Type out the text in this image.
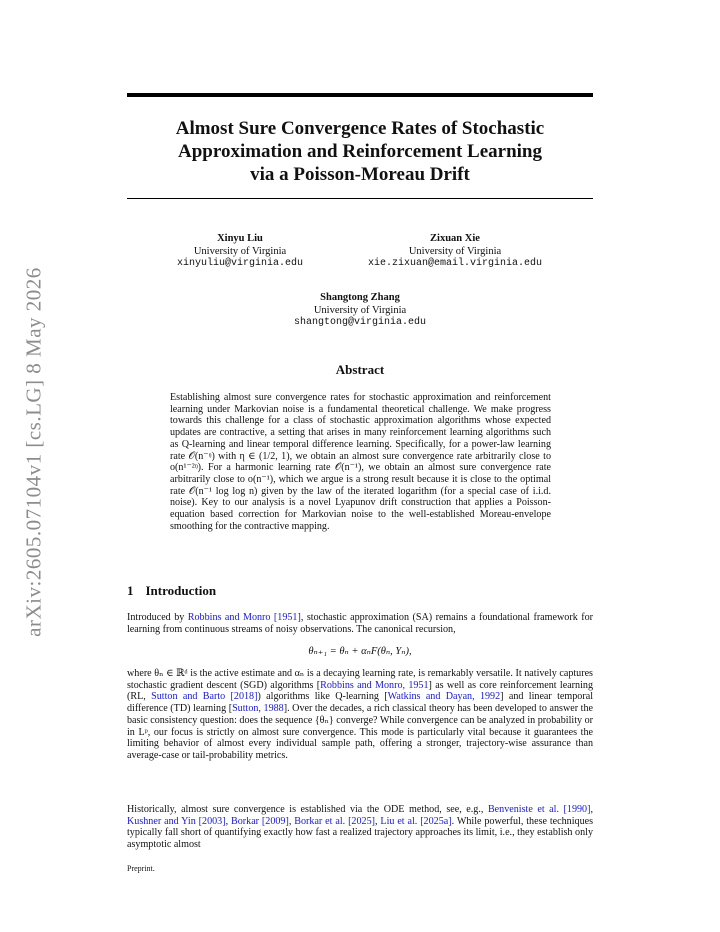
arXiv:2605.07104v1 [cs.LG] 8 May 2026
Almost Sure Convergence Rates of Stochastic
Approximation and Reinforcement Learning
via a Poisson-Moreau Drift
Xinyu Liu
University of Virginia
xinyuliu@virginia.edu
Zixuan Xie
University of Virginia
xie.zixuan@email.virginia.edu
Shangtong Zhang
University of Virginia
shangtong@virginia.edu
Abstract
Establishing almost sure convergence rates for stochastic approximation and reinforcement learning under Markovian noise is a fundamental theoretical challenge. We make progress towards this challenge for a class of stochastic approximation algorithms whose expected updates are contractive, a setting that arises in many reinforcement learning algorithms such as Q-learning and linear temporal difference learning. Specifically, for a power-law learning rate 𝒪(n⁻ᵑ) with η ∈ (1/2, 1), we obtain an almost sure convergence rate arbitrarily close to o(n¹⁻²ᵑ). For a harmonic learning rate 𝒪(n⁻¹), we obtain an almost sure convergence rate arbitrarily close to o(n⁻¹), which we argue is a strong result because it is close to the optimal rate 𝒪(n⁻¹ log log n) given by the law of the iterated logarithm (for a special case of i.i.d. noise). Key to our analysis is a novel Lyapunov drift construction that applies a Poisson-equation based correction for Markovian noise to the well-established Moreau-envelope smoothing for the contractive mapping.
1 Introduction
Introduced by Robbins and Monro [1951], stochastic approximation (SA) remains a foundational framework for learning from continuous streams of noisy observations. The canonical recursion,
θₙ₊₁ = θₙ + αₙF(θₙ, Yₙ),
where θₙ ∈ ℝᵈ is the active estimate and αₙ is a decaying learning rate, is remarkably versatile. It natively captures stochastic gradient descent (SGD) algorithms [Robbins and Monro, 1951] as well as core reinforcement learning (RL, Sutton and Barto [2018]) algorithms like Q-learning [Watkins and Dayan, 1992] and linear temporal difference (TD) learning [Sutton, 1988]. Over the decades, a rich classical theory has been developed to answer the basic consistency question: does the sequence {θₙ} converge? While convergence can be analyzed in probability or in Lᵖ, our focus is strictly on almost sure convergence. This mode is particularly vital because it guarantees the limiting behavior of almost every individual sample path, offering a stronger, trajectory-wise assurance than average-case or tail-probability metrics.
Historically, almost sure convergence is established via the ODE method, see, e.g., Benveniste et al. [1990], Kushner and Yin [2003], Borkar [2009], Borkar et al. [2025], Liu et al. [2025a]. While powerful, these techniques typically fall short of quantifying exactly how fast a realized trajectory approaches its limit, i.e., they establish only asymptotic almost
Preprint.
